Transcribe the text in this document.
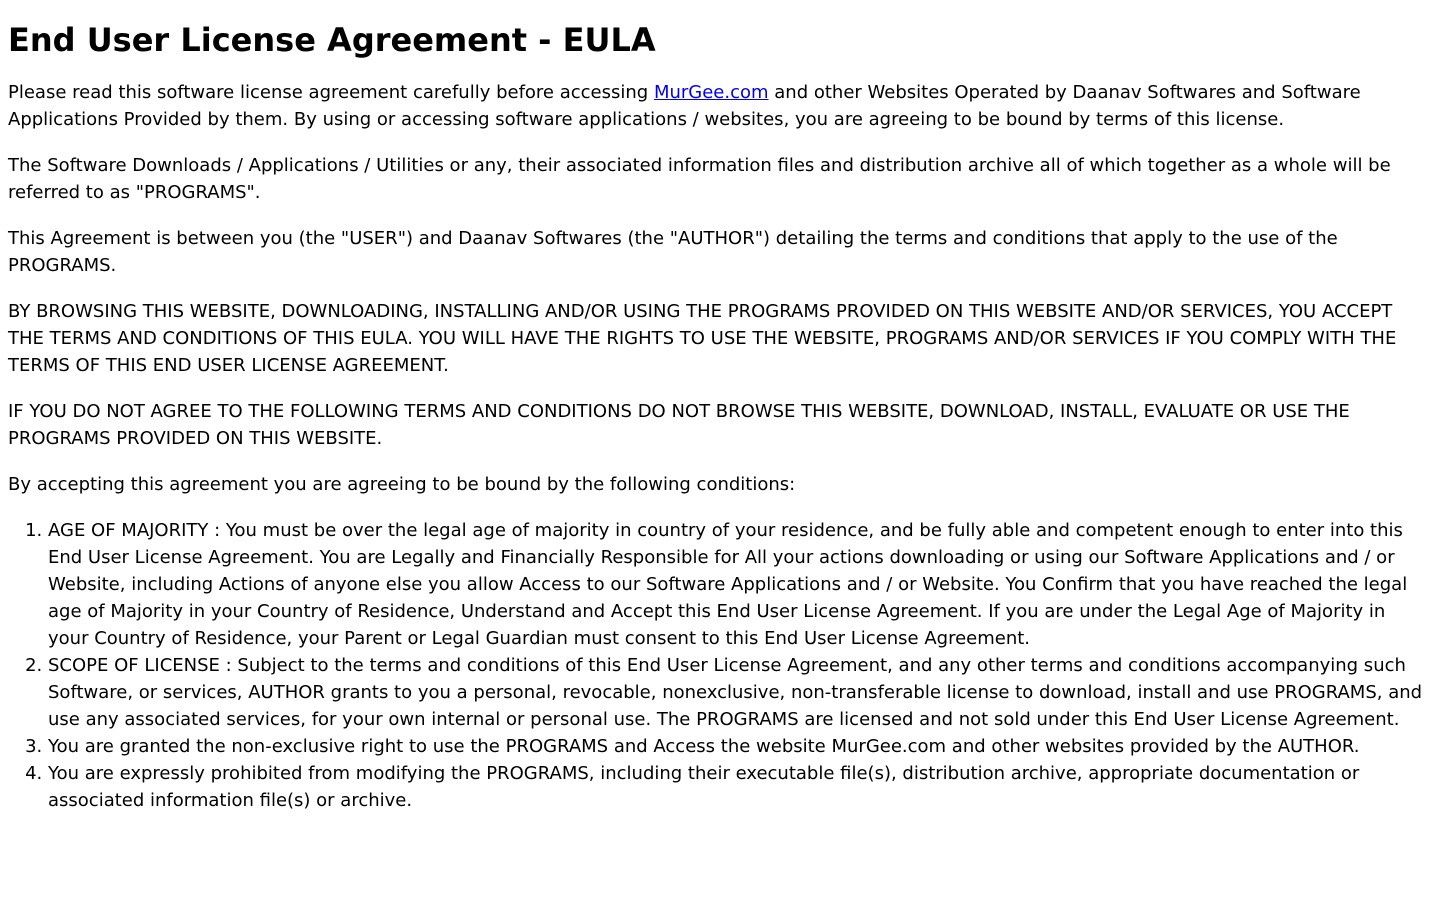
End User License Agreement - EULA

Please read this software license agreement carefully before accessing MurGee.com and other Websites Operated by Daanav Softwares and Software Applications Provided by them. By using or accessing software applications / websites, you are agreeing to be bound by terms of this license.

The Software Downloads / Applications / Utilities or any, their associated information files and distribution archive all of which together as a whole will be referred to as "PROGRAMS".

This Agreement is between you (the "USER") and Daanav Softwares (the "AUTHOR") detailing the terms and conditions that apply to the use of the PROGRAMS.

BY BROWSING THIS WEBSITE, DOWNLOADING, INSTALLING AND/OR USING THE PROGRAMS PROVIDED ON THIS WEBSITE AND/OR SERVICES, YOU ACCEPT THE TERMS AND CONDITIONS OF THIS EULA. YOU WILL HAVE THE RIGHTS TO USE THE WEBSITE, PROGRAMS AND/OR SERVICES IF YOU COMPLY WITH THE TERMS OF THIS END USER LICENSE AGREEMENT.

IF YOU DO NOT AGREE TO THE FOLLOWING TERMS AND CONDITIONS DO NOT BROWSE THIS WEBSITE, DOWNLOAD, INSTALL, EVALUATE OR USE THE PROGRAMS PROVIDED ON THIS WEBSITE.

By accepting this agreement you are agreeing to be bound by the following conditions:

1. AGE OF MAJORITY : You must be over the legal age of majority in country of your residence, and be fully able and competent enough to enter into this End User License Agreement. You are Legally and Financially Responsible for All your actions downloading or using our Software Applications and / or Website, including Actions of anyone else you allow Access to our Software Applications and / or Website. You Confirm that you have reached the legal age of Majority in your Country of Residence, Understand and Accept this End User License Agreement. If you are under the Legal Age of Majority in your Country of Residence, your Parent or Legal Guardian must consent to this End User License Agreement.
2. SCOPE OF LICENSE : Subject to the terms and conditions of this End User License Agreement, and any other terms and conditions accompanying such Software, or services, AUTHOR grants to you a personal, revocable, nonexclusive, non-transferable license to download, install and use PROGRAMS, and use any associated services, for your own internal or personal use. The PROGRAMS are licensed and not sold under this End User License Agreement.
3. You are granted the non-exclusive right to use the PROGRAMS and Access the website MurGee.com and other websites provided by the AUTHOR.
4. You are expressly prohibited from modifying the PROGRAMS, including their executable file(s), distribution archive, appropriate documentation or associated information file(s) or archive.
